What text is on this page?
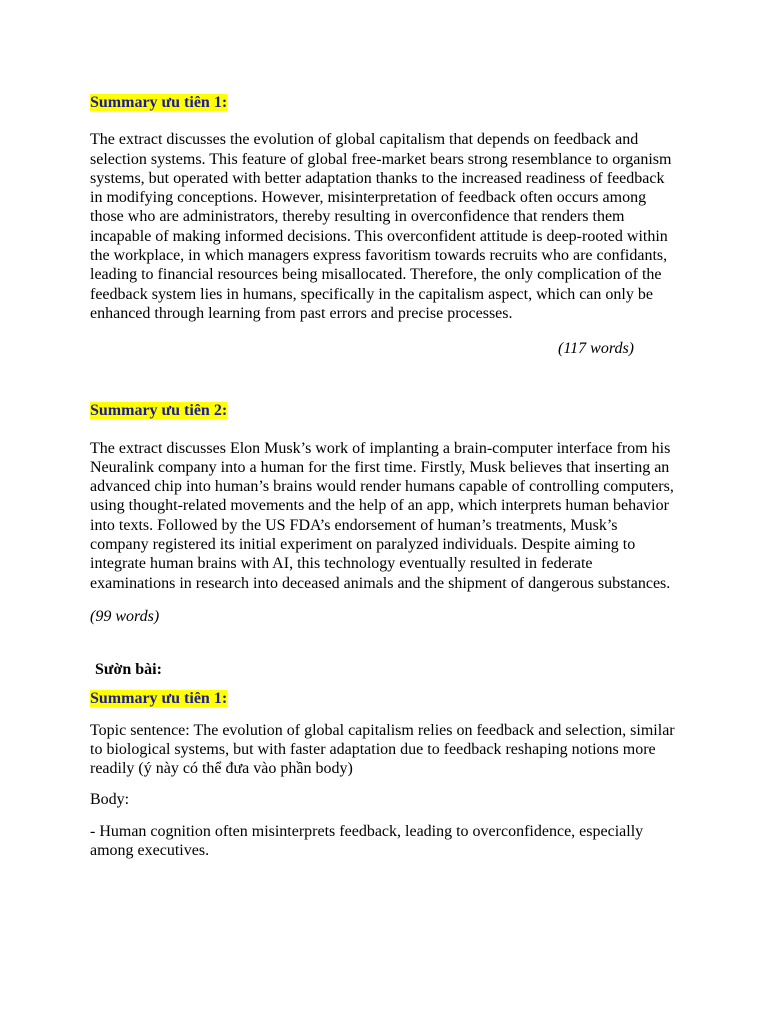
Summary ưu tiên 1:

The extract discusses the evolution of global capitalism that depends on feedback and selection systems. This feature of global free-market bears strong resemblance to organism systems, but operated with better adaptation thanks to the increased readiness of feedback in modifying conceptions. However, misinterpretation of feedback often occurs among those who are administrators, thereby resulting in overconfidence that renders them incapable of making informed decisions. This overconfident attitude is deep-rooted within the workplace, in which managers express favoritism towards recruits who are confidants, leading to financial resources being misallocated. Therefore, the only complication of the feedback system lies in humans, specifically in the capitalism aspect, which can only be enhanced through learning from past errors and precise processes.

(117 words)

Summary ưu tiên 2:

The extract discusses Elon Musk’s work of implanting a brain-computer interface from his Neuralink company into a human for the first time. Firstly, Musk believes that inserting an advanced chip into human’s brains would render humans capable of controlling computers, using thought-related movements and the help of an app, which interprets human behavior into texts. Followed by the US FDA’s endorsement of human’s treatments, Musk’s company registered its initial experiment on paralyzed individuals. Despite aiming to integrate human brains with AI, this technology eventually resulted in federate examinations in research into deceased animals and the shipment of dangerous substances.

(99 words)

Sườn bài:

Summary ưu tiên 1:

Topic sentence: The evolution of global capitalism relies on feedback and selection, similar to biological systems, but with faster adaptation due to feedback reshaping notions more readily (ý này có thể đưa vào phần body)

Body:

- Human cognition often misinterprets feedback, leading to overconfidence, especially among executives.
